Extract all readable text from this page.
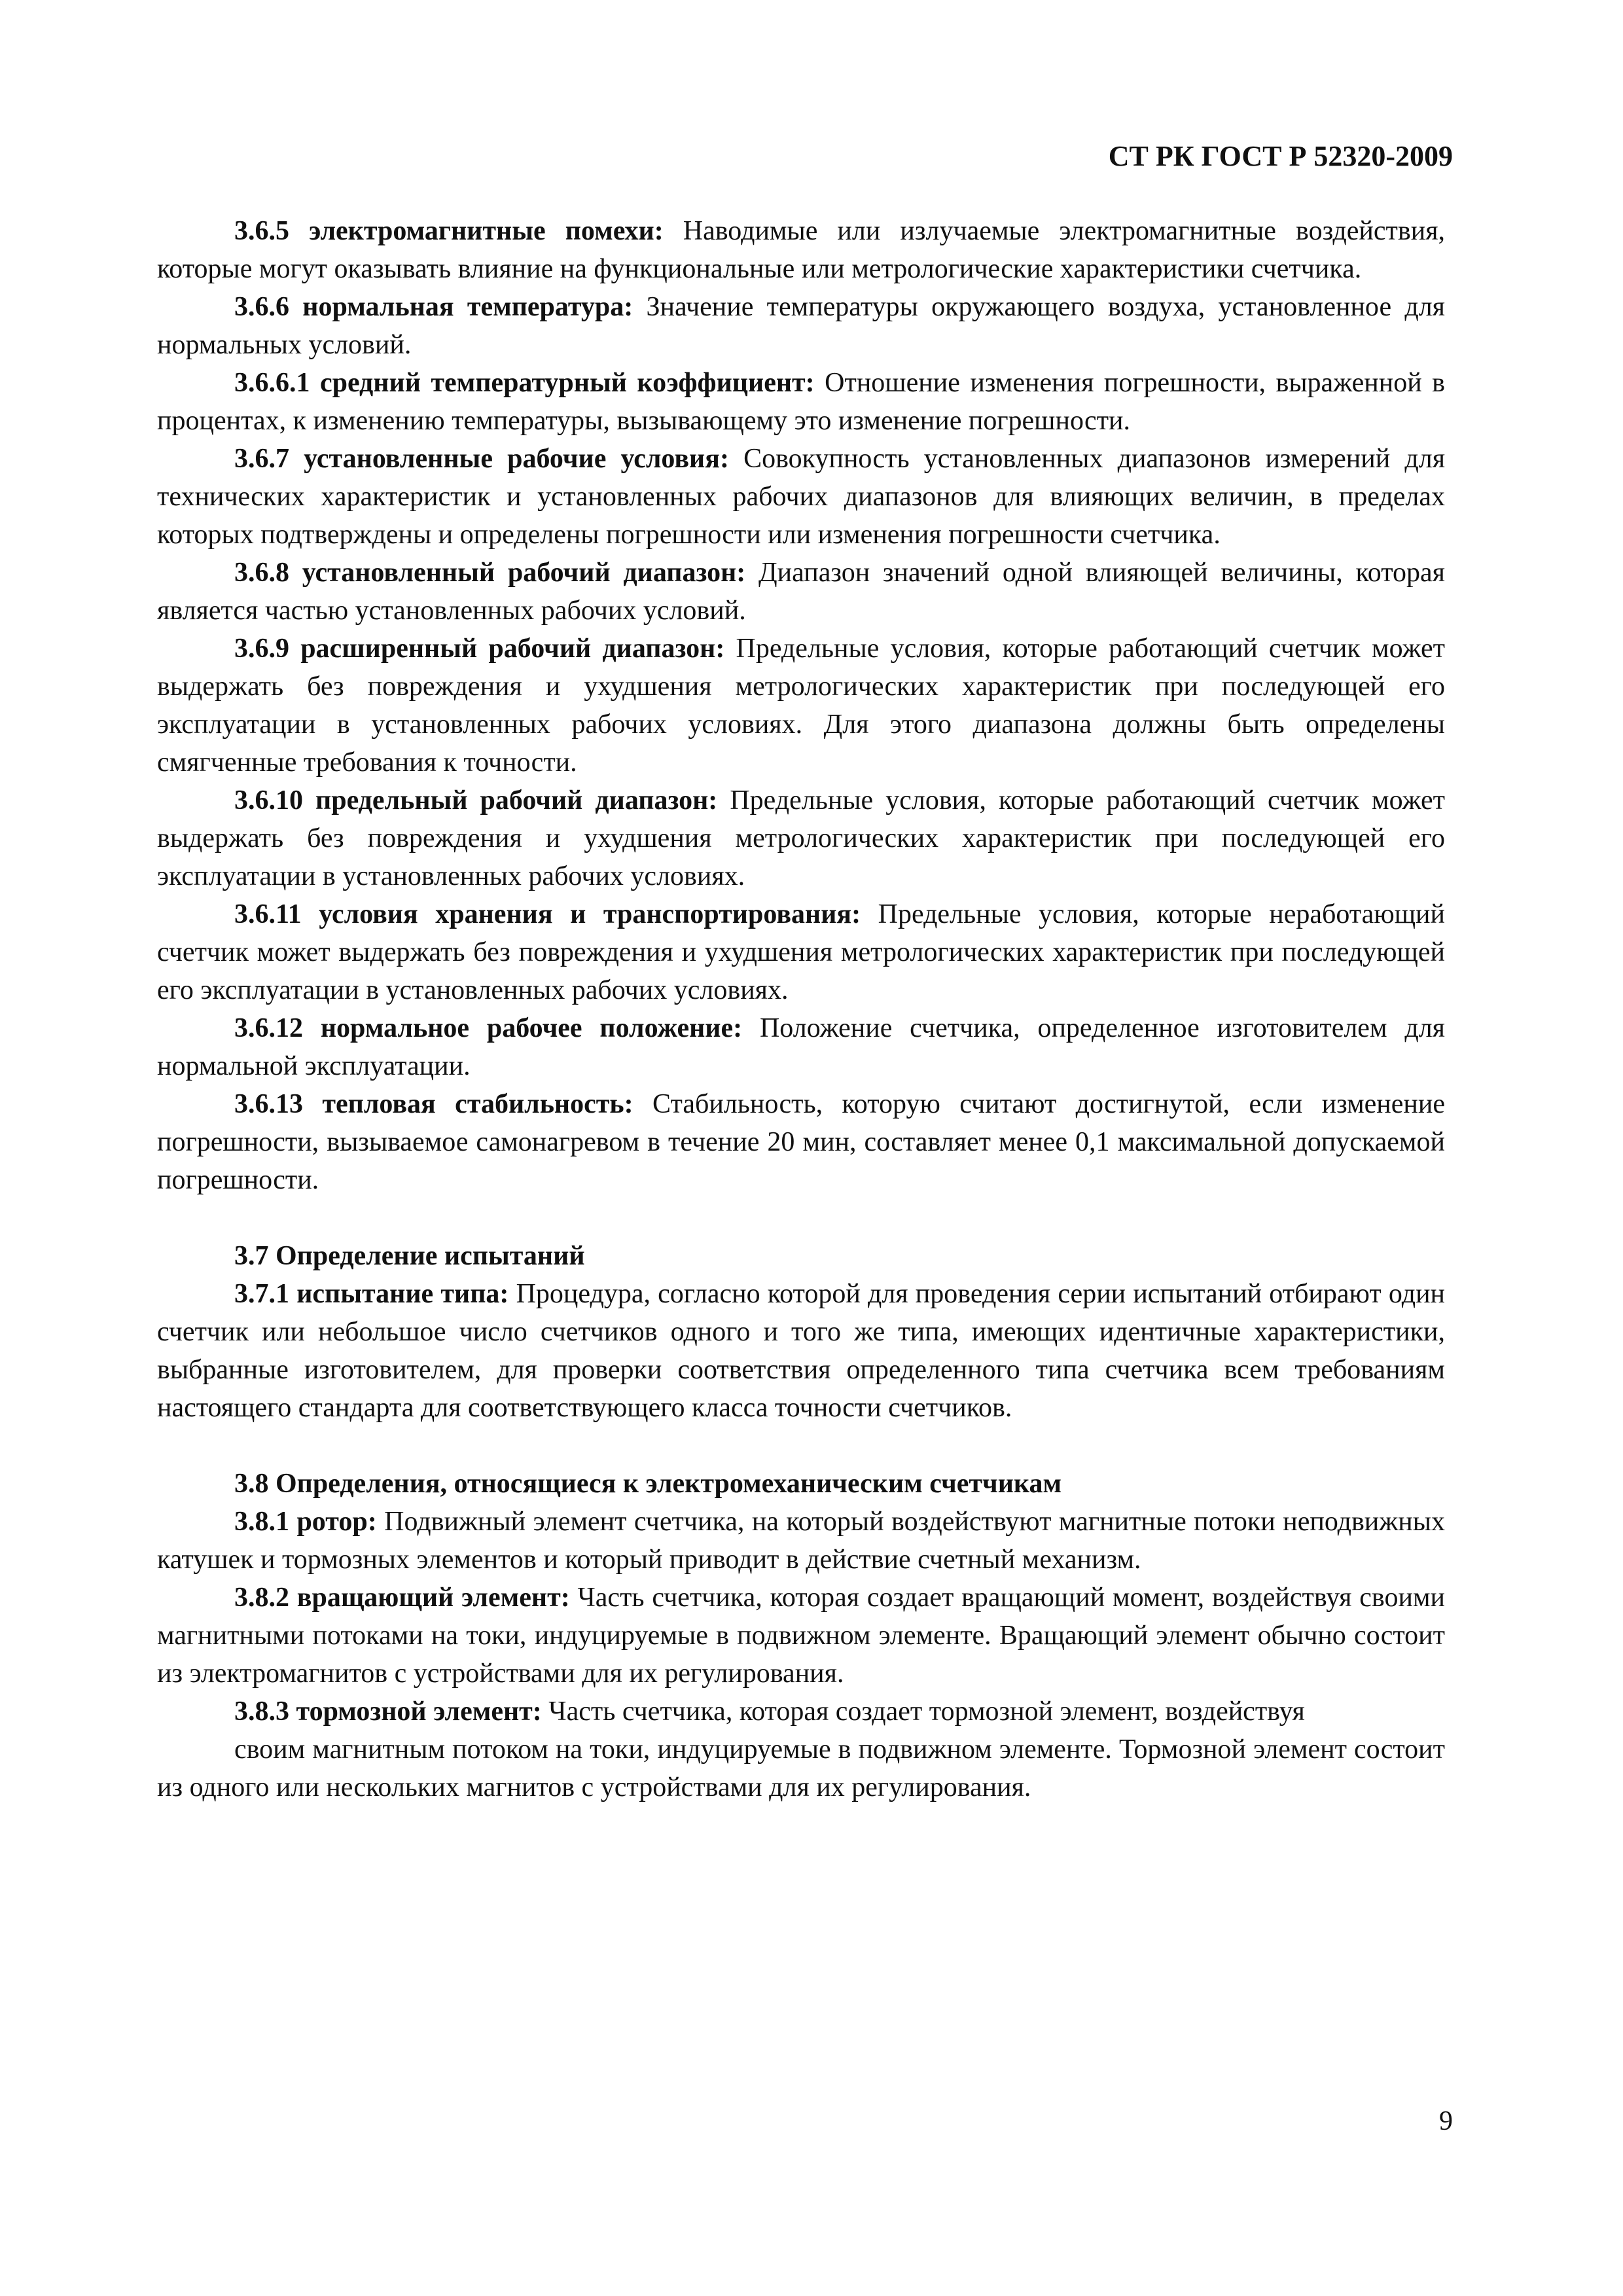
СТ РК ГОСТ Р 52320-2009

3.6.5 электромагнитные помехи: Наводимые или излучаемые электромагнитные воздействия, которые могут оказывать влияние на функциональные или метрологические характеристики счетчика.

3.6.6 нормальная температура: Значение температуры окружающего воздуха, установленное для нормальных условий.

3.6.6.1 средний температурный коэффициент: Отношение изменения погрешности, выраженной в процентах, к изменению температуры, вызывающему это изменение погрешности.

3.6.7 установленные рабочие условия: Совокупность установленных диапазонов измерений для технических характеристик и установленных рабочих диапазонов для влияющих величин, в пределах которых подтверждены и определены погрешности или изменения погрешности счетчика.

3.6.8 установленный рабочий диапазон: Диапазон значений одной влияющей величины, которая является частью установленных рабочих условий.

3.6.9 расширенный рабочий диапазон: Предельные условия, которые работающий счетчик может выдержать без повреждения и ухудшения метрологических характеристик при последующей его эксплуатации в установленных рабочих условиях. Для этого диапазона должны быть определены смягченные требования к точности.

3.6.10 предельный рабочий диапазон: Предельные условия, которые работающий счетчик может выдержать без повреждения и ухудшения метрологических характеристик при последующей его эксплуатации в установленных рабочих условиях.

3.6.11 условия хранения и транспортирования: Предельные условия, которые неработающий счетчик может выдержать без повреждения и ухудшения метрологических характеристик при последующей его эксплуатации в установленных рабочих условиях.

3.6.12 нормальное рабочее положение: Положение счетчика, определенное изготовителем для нормальной эксплуатации.

3.6.13 тепловая стабильность: Стабильность, которую считают достигнутой, если изменение погрешности, вызываемое самонагревом в течение 20 мин, составляет менее 0,1 максимальной допускаемой погрешности.

3.7 Определение испытаний

3.7.1 испытание типа: Процедура, согласно которой для проведения серии испытаний отбирают один счетчик или небольшое число счетчиков одного и того же типа, имеющих идентичные характеристики, выбранные изготовителем, для проверки соответствия определенного типа счетчика всем требованиям настоящего стандарта для соответствующего класса точности счетчиков.

3.8 Определения, относящиеся к электромеханическим счетчикам

3.8.1 ротор: Подвижный элемент счетчика, на который воздействуют магнитные потоки неподвижных катушек и тормозных элементов и который приводит в действие счетный механизм.

3.8.2 вращающий элемент: Часть счетчика, которая создает вращающий момент, воздействуя своими магнитными потоками на токи, индуцируемые в подвижном элементе. Вращающий элемент обычно состоит из электромагнитов с устройствами для их регулирования.

3.8.3 тормозной элемент: Часть счетчика, которая создает тормозной элемент, воздействуя

своим магнитным потоком на токи, индуцируемые в подвижном элементе. Тормозной элемент состоит из одного или нескольких магнитов с устройствами для их регулирования.

9
